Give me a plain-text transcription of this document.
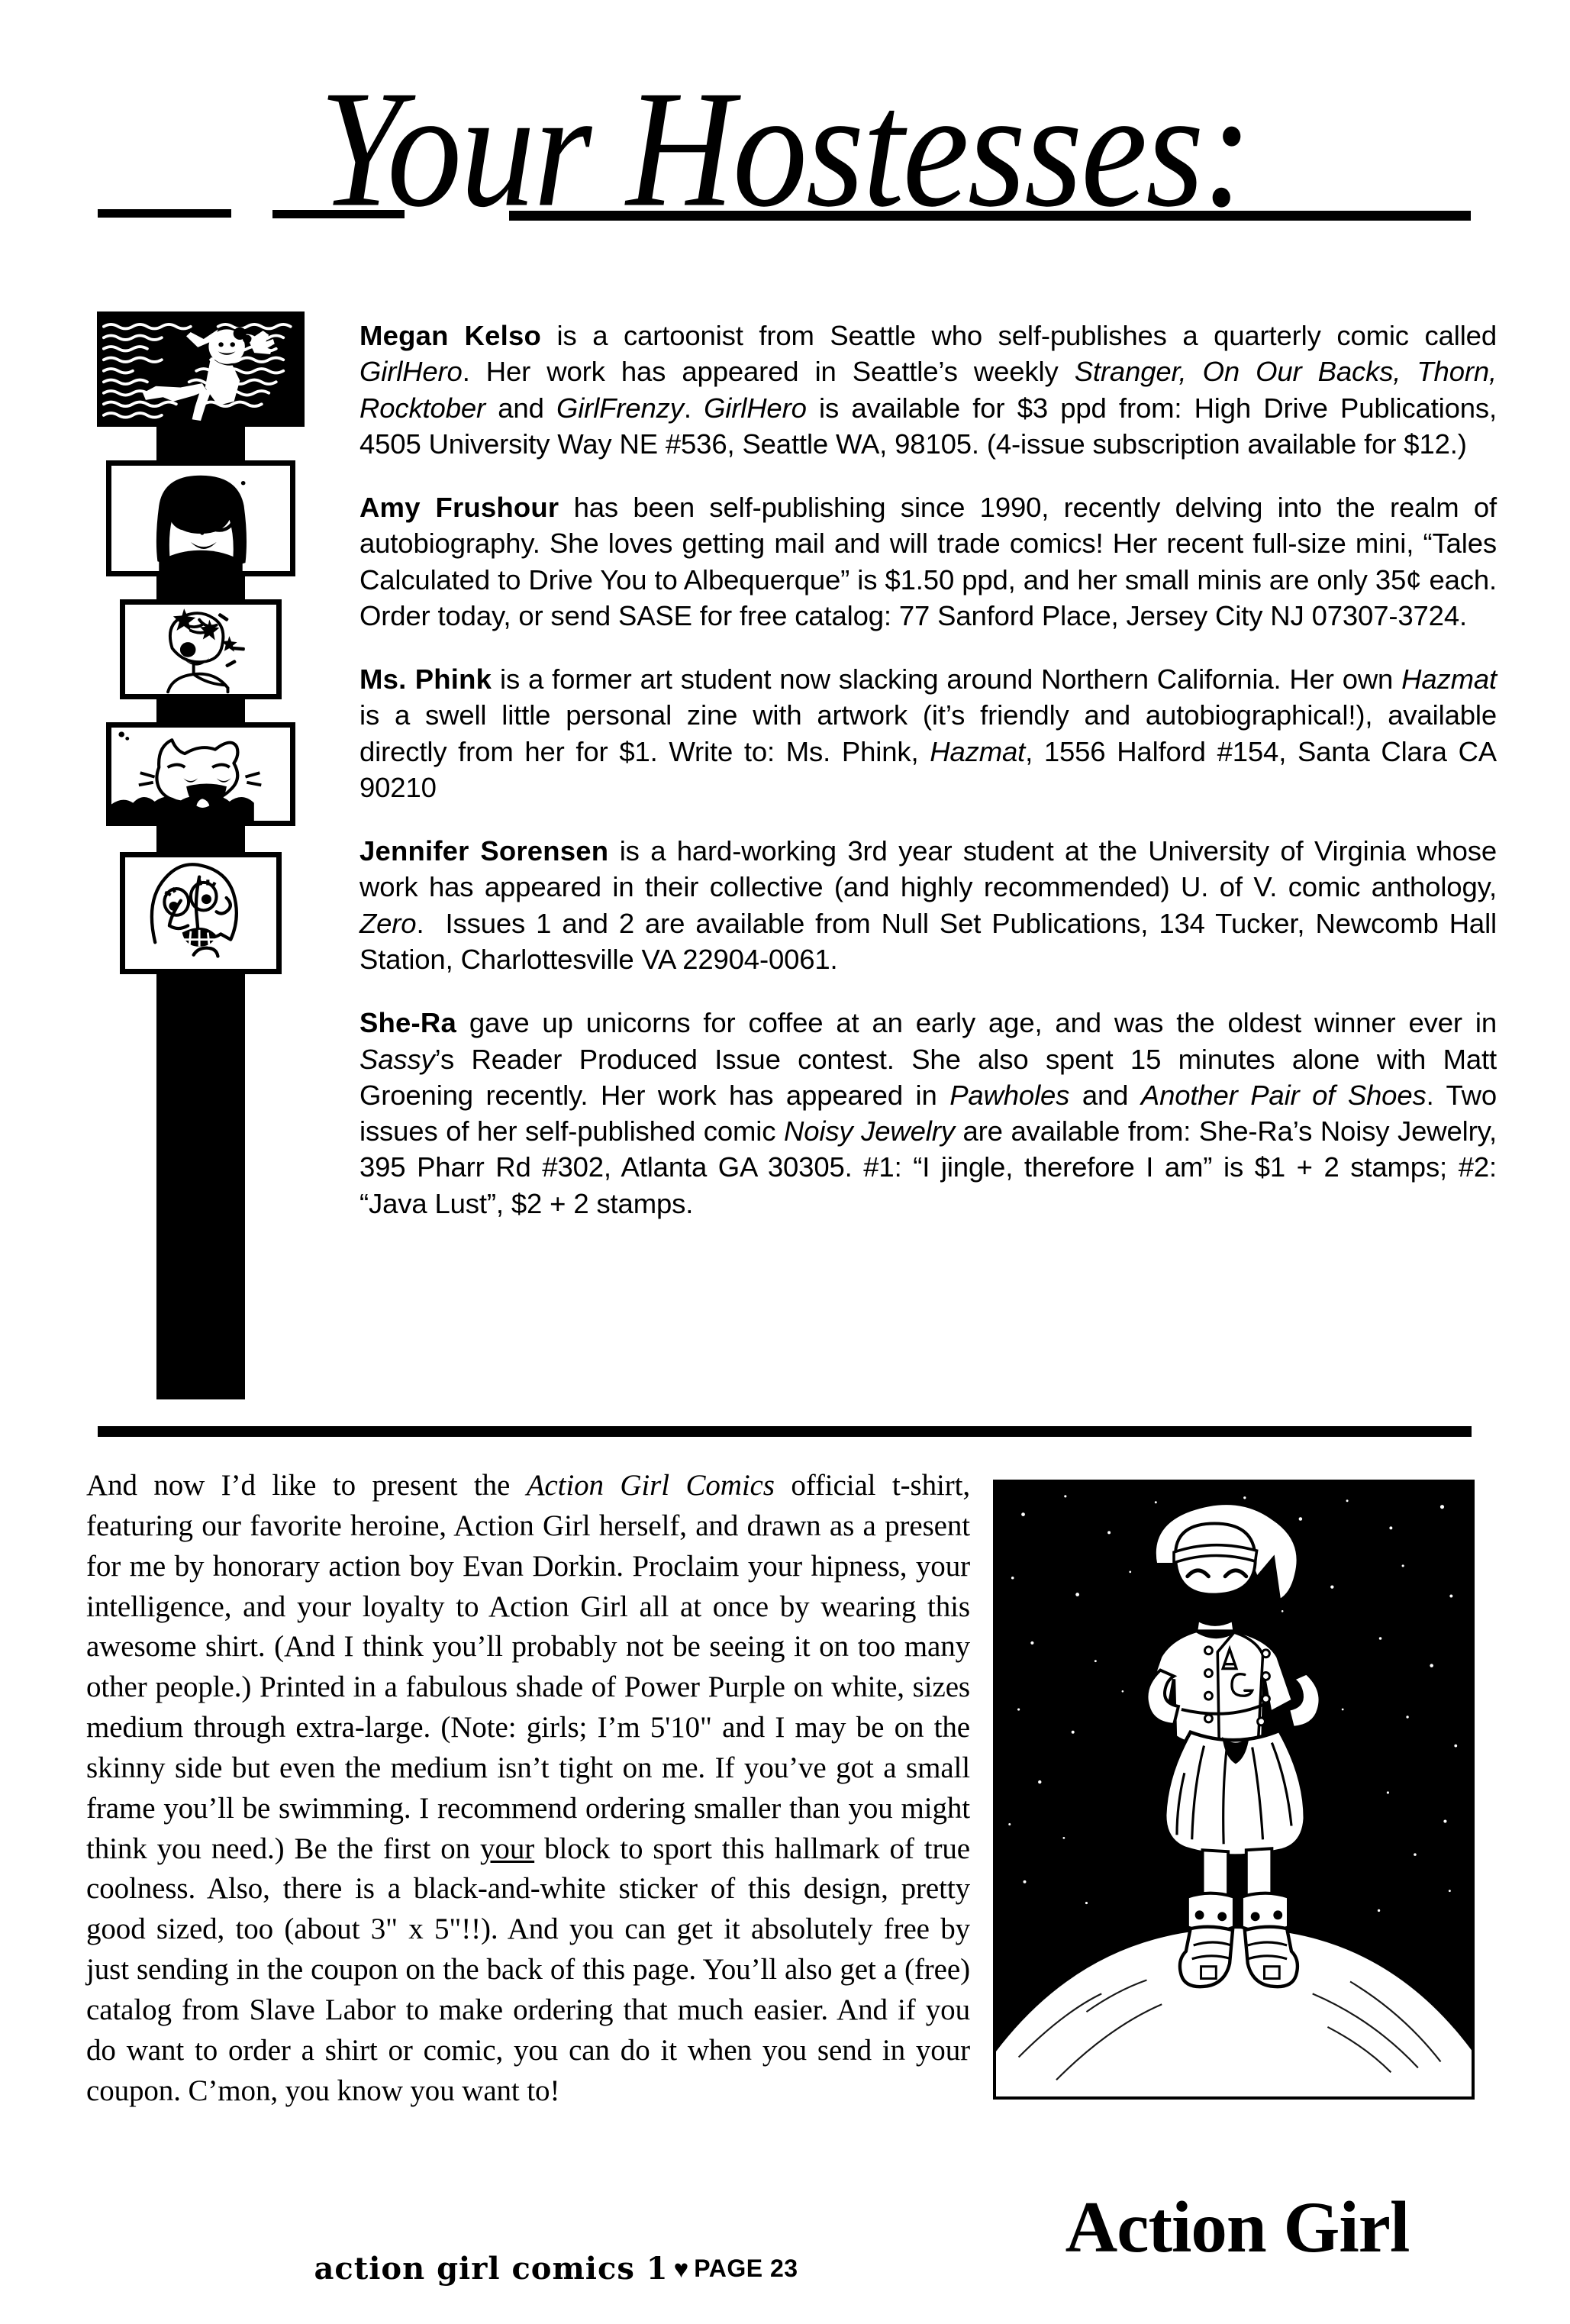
Your Hostesses:

Megan Kelso is a cartoonist from Seattle who self-publishes a quarterly comic called GirlHero. Her work has appeared in Seattle’s weekly Stranger, On Our Backs, Thorn, Rocktober and GirlFrenzy. GirlHero is available for $3 ppd from: High Drive Publications, 4505 University Way NE #536, Seattle WA, 98105. (4-issue subscription available for $12.)

Amy Frushour has been self-publishing since 1990, recently delving into the realm of autobiography. She loves getting mail and will trade comics! Her recent full-size mini, “Tales Calculated to Drive You to Albequerque” is $1.50 ppd, and her small minis are only 35¢ each. Order today, or send SASE for free catalog: 77 Sanford Place, Jersey City NJ 07307-3724.

Ms. Phink is a former art student now slacking around Northern California. Her own Hazmat is a swell little personal zine with artwork (it’s friendly and autobiographical!), available directly from her for $1. Write to: Ms. Phink, Hazmat, 1556 Halford #154, Santa Clara CA 90210

Jennifer Sorensen is a hard-working 3rd year student at the University of Virginia whose work has appeared in their collective (and highly recommended) U. of V. comic anthology, Zero.  Issues 1 and 2 are available from Null Set Publications, 134 Tucker, Newcomb Hall Station, Charlottesville VA 22904-0061.

She-Ra gave up unicorns for coffee at an early age, and was the oldest winner ever in Sassy’s Reader Produced Issue contest. She also spent 15 minutes alone with Matt Groening recently. Her work has appeared in Pawholes and Another Pair of Shoes. Two issues of her self-published comic Noisy Jewelry are available from: She-Ra’s Noisy Jewelry, 395 Pharr Rd #302, Atlanta GA 30305. #1: “I jingle, therefore I am” is $1 + 2 stamps; #2: “Java Lust”, $2 + 2 stamps.

And now I’d like to present the Action Girl Comics official t-shirt, featuring our favorite heroine, Action Girl herself, and drawn as a present for me by honorary action boy Evan Dorkin. Proclaim your hipness, your intelligence, and your loyalty to Action Girl all at once by wearing this awesome shirt. (And I think you’ll probably not be seeing it on too many other people.) Printed in a fabulous shade of Power Purple on white, sizes medium through extra-large. (Note: girls; I’m 5'10" and I may be on the skinny side but even the medium isn’t tight on me. If you’ve got a small frame you’ll be swimming. I recommend ordering smaller than you might think you need.) Be the first on your block to sport this hallmark of true coolness. Also, there is a black-and-white sticker of this design, pretty good sized, too (about 3" x 5"!!). And you can get it absolutely free by just sending in the coupon on the back of this page. You’ll also get a (free) catalog from Slave Labor to make ordering that much easier. And if you do want to order a shirt or comic, you can do it when you send in your coupon. C’mon, you know you want to!
Action Girl
action girl comics 1 ♥ PAGE 23
